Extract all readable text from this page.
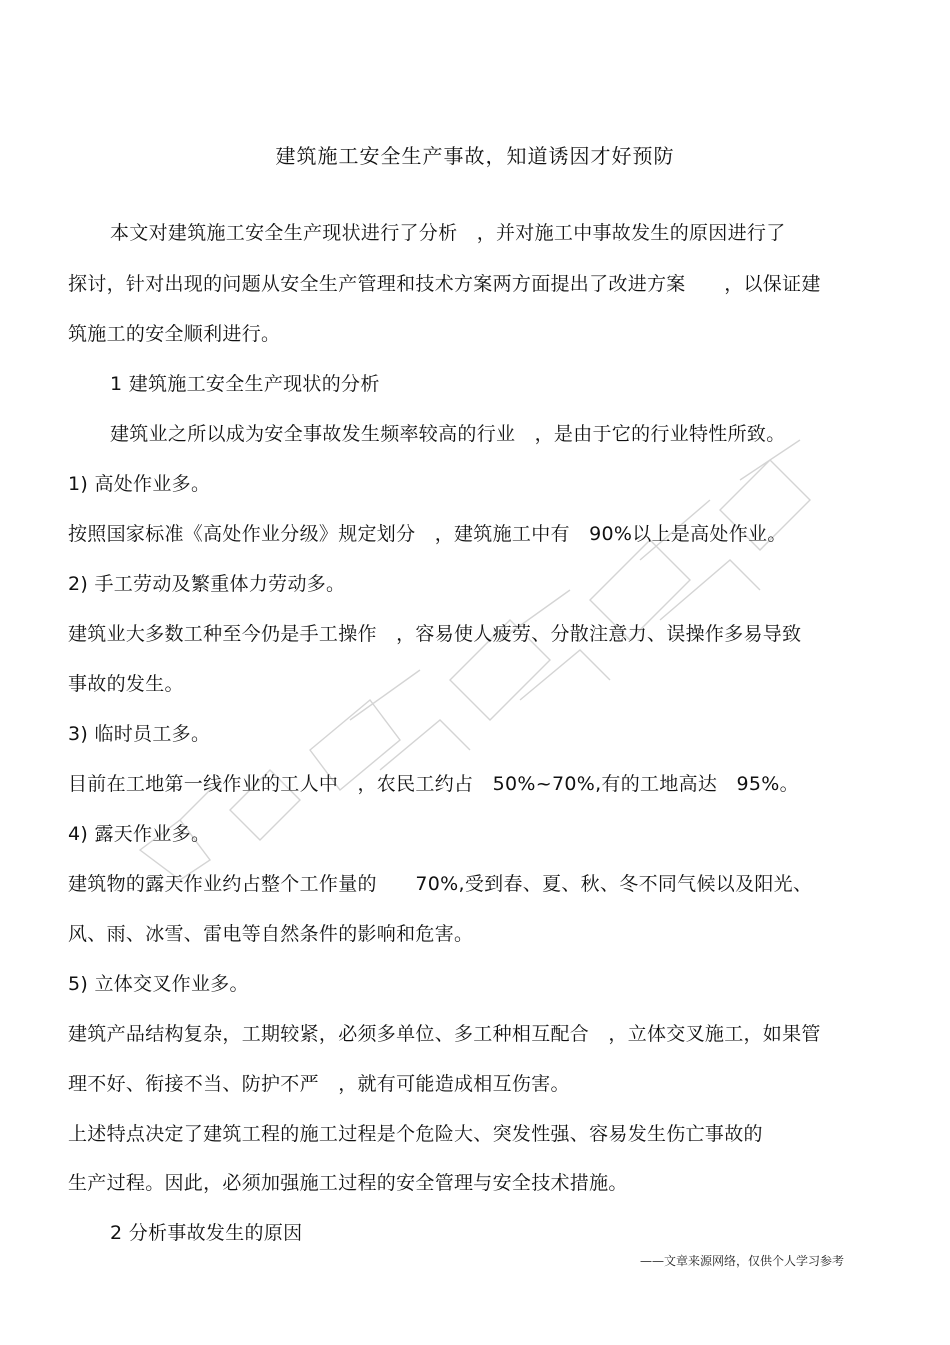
建筑施工安全生产事故，知道诱因才好预防
本文对建筑施工安全生产现状进行了分析　，并对施工中事故发生的原因进行了
探讨，针对出现的问题从安全生产管理和技术方案两方面提出了改进方案　　，以保证建
筑施工的安全顺利进行。
1 建筑施工安全生产现状的分析
建筑业之所以成为安全事故发生频率较高的行业　，是由于它的行业特性所致。
1) 高处作业多。
按照国家标准《高处作业分级》规定划分　，建筑施工中有　90%以上是高处作业。
2) 手工劳动及繁重体力劳动多。
建筑业大多数工种至今仍是手工操作　，容易使人疲劳、分散注意力、误操作多易导致
事故的发生。
3) 临时员工多。
目前在工地第一线作业的工人中　，农民工约占　50%~70%,有的工地高达　95%。
4) 露天作业多。
建筑物的露天作业约占整个工作量的　　70%,受到春、夏、秋、冬不同气候以及阳光、
风、雨、冰雪、雷电等自然条件的影响和危害。
5) 立体交叉作业多。
建筑产品结构复杂，工期较紧，必须多单位、多工种相互配合　，立体交叉施工，如果管
理不好、衔接不当、防护不严　，就有可能造成相互伤害。
上述特点决定了建筑工程的施工过程是个危险大、突发性强、容易发生伤亡事故的
生产过程。因此，必须加强施工过程的安全管理与安全技术措施。
2 分析事故发生的原因
——文章来源网络，仅供个人学习参考
